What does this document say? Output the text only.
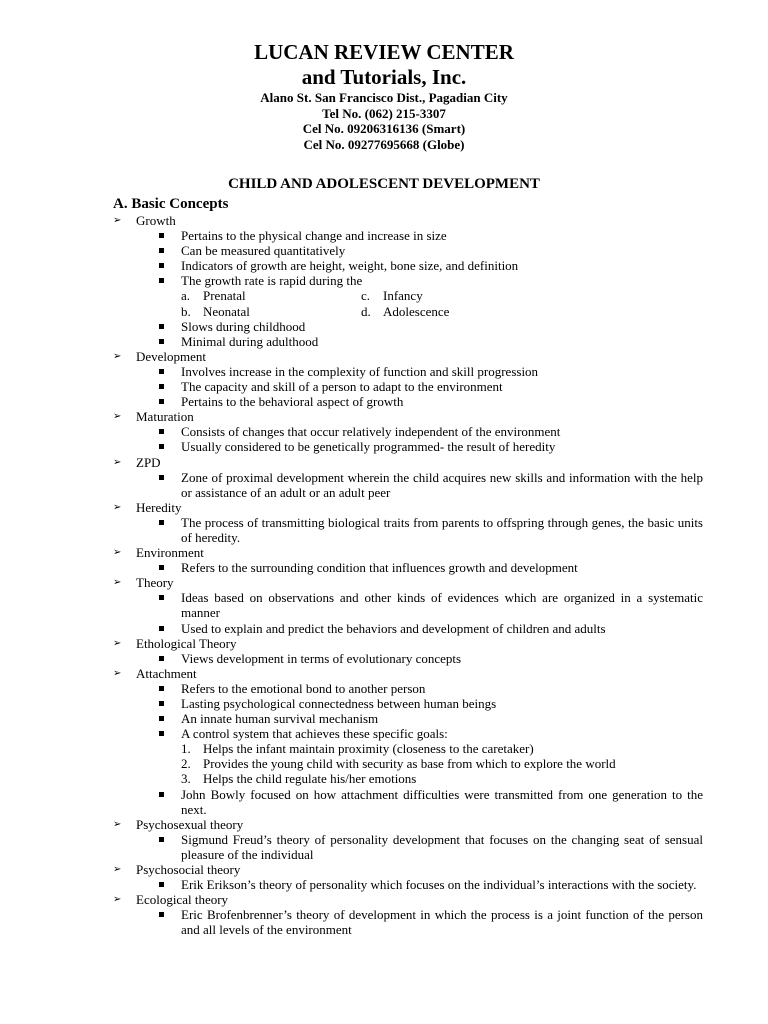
LUCAN REVIEW CENTER
and Tutorials, Inc.
Alano St. San Francisco Dist., Pagadian City
Tel No. (062) 215-3307
Cel No. 09206316136 (Smart)
Cel No. 09277695668 (Globe)
CHILD AND ADOLESCENT DEVELOPMENT
A. Basic Concepts
➢ Growth
Pertains to the physical change and increase in size
Can be measured quantitatively
Indicators of growth are height, weight, bone size, and definition
The growth rate is rapid during the
a. Prenatal	c. Infancy
b. Neonatal	d. Adolescence
Slows during childhood
Minimal during adulthood
➢ Development
Involves increase in the complexity of function and skill progression
The capacity and skill of a person to adapt to the environment
Pertains to the behavioral aspect of growth
➢ Maturation
Consists of changes that occur relatively independent of the environment
Usually considered to be genetically programmed- the result of heredity
➢ ZPD
Zone of proximal development wherein the child acquires new skills and information with the help or assistance of an adult or an adult peer
➢ Heredity
The process of transmitting biological traits from parents to offspring through genes, the basic units of heredity.
➢ Environment
Refers to the surrounding condition that influences growth and development
➢ Theory
Ideas based on observations and other kinds of evidences which are organized in a systematic manner
Used to explain and predict the behaviors and development of children and adults
➢ Ethological Theory
Views development in terms of evolutionary concepts
➢ Attachment
Refers to the emotional bond to another person
Lasting psychological connectedness between human beings
An innate human survival mechanism
A control system that achieves these specific goals:
1. Helps the infant maintain proximity (closeness to the caretaker)
2. Provides the young child with security as base from which to explore the world
3. Helps the child regulate his/her emotions
John Bowly focused on how attachment difficulties were transmitted from one generation to the next.
➢ Psychosexual theory
Sigmund Freud’s theory of personality development that focuses on the changing seat of sensual pleasure of the individual
➢ Psychosocial theory
Erik Erikson’s theory of personality which focuses on the individual’s interactions with the society.
➢ Ecological theory
Eric Brofenbrenner’s theory of development in which the process is a joint function of the person and all levels of the environment
